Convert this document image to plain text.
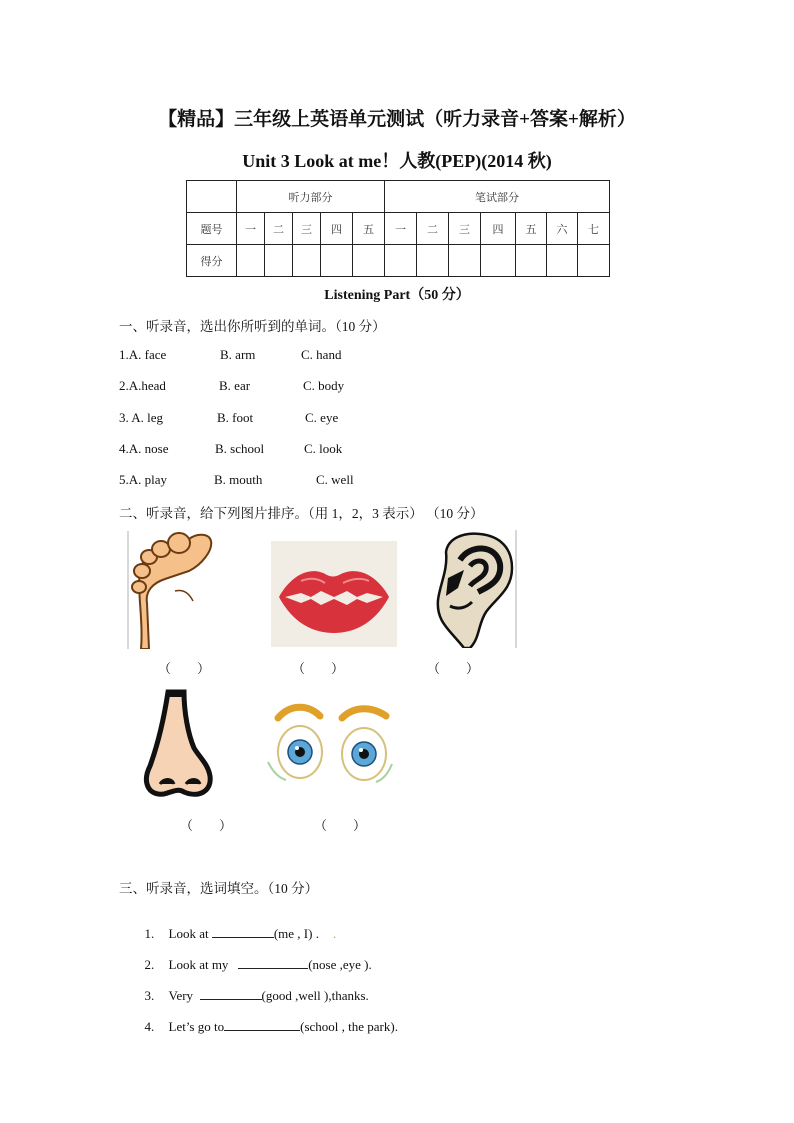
【精品】三年级上英语单元测试（听力录音+答案+解析）
Unit 3 Look at me！人教(PEP)(2014 秋)
	听力部分					笔试部分						
题号	一	二	三	四	五	一	二	三	四	五	六	七
得分												
Listening Part（50 分）
一、听录音，选出你所听到的单词。（10 分）
1.A. face	B. arm	C. hand
2.A.head	B. ear	C. body
3. A. leg	B. foot	C. eye
4.A. nose	B. school	C. look
5.A. play	B. mouth	C. well
二、听录音，给下列图片排序。（用 1，2，3 表示） （10 分）
（　　）	（　　）	（　　）
（　　）	（　　）
三、听录音，选词填空。（10 分）

1. Look at	(me , I) . .

2. Look at my	(nose ,eye ).

3. Very	(good ,well ),thanks.

4. Let’s go to	(school , the park).
